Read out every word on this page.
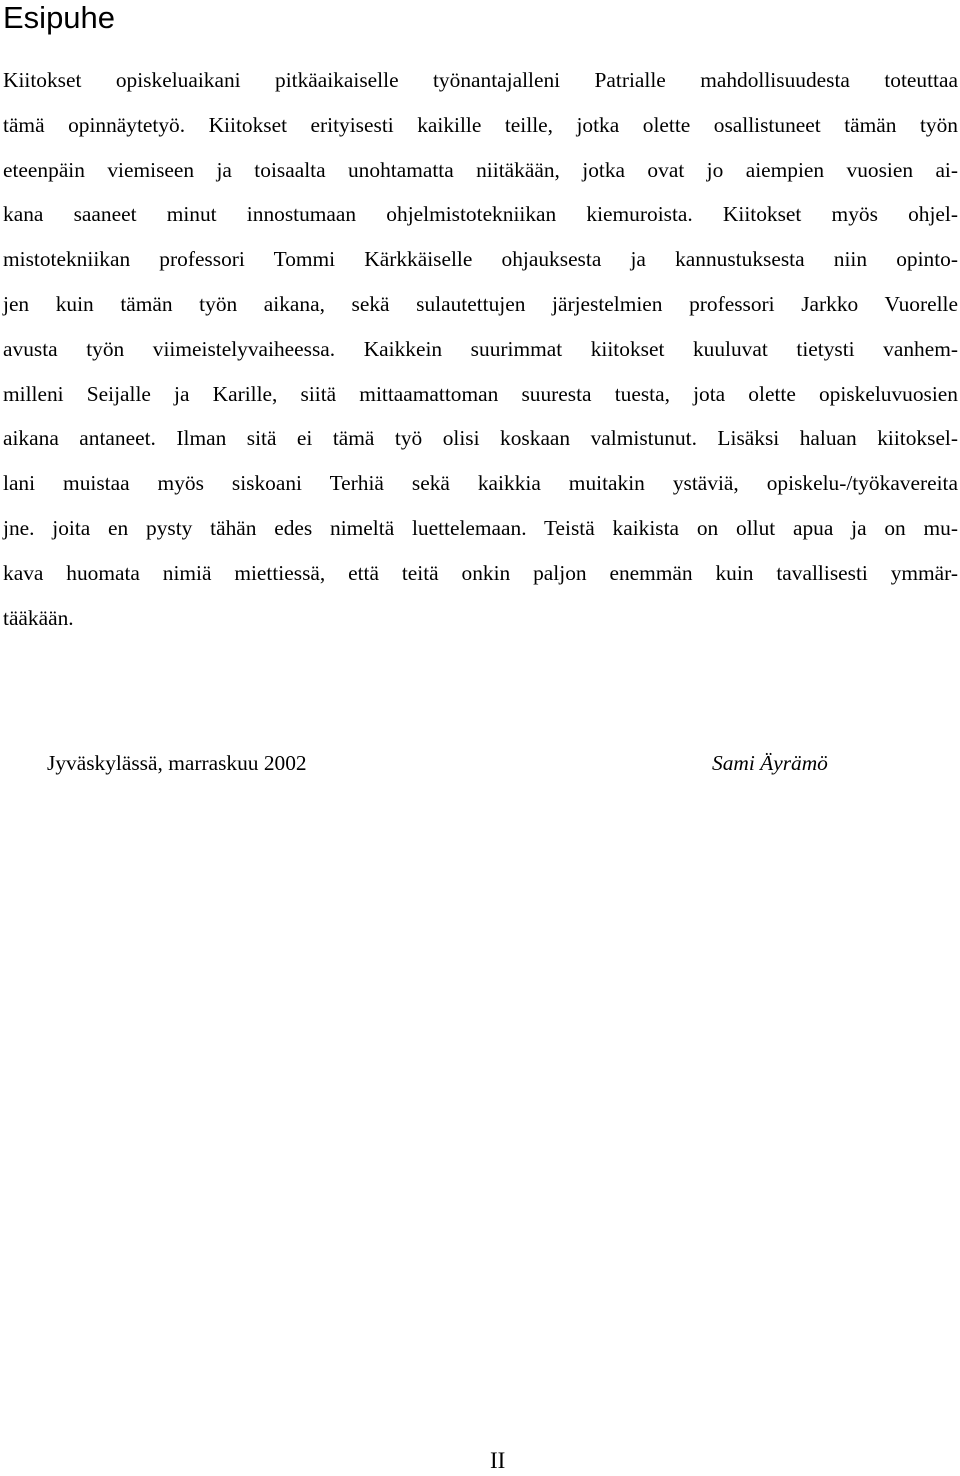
Esipuhe
Kiitokset opiskeluaikani pitkäaikaiselle työnantajalleni Patrialle mahdollisuudesta toteuttaa
tämä opinnäytetyö. Kiitokset erityisesti kaikille teille, jotka olette osallistuneet tämän työn
eteenpäin viemiseen ja toisaalta unohtamatta niitäkään, jotka ovat jo aiempien vuosien ai-
kana saaneet minut innostumaan ohjelmistotekniikan kiemuroista. Kiitokset myös ohjel-
mistotekniikan professori Tommi Kärkkäiselle ohjauksesta ja kannustuksesta niin opinto-
jen kuin tämän työn aikana, sekä sulautettujen järjestelmien professori Jarkko Vuorelle
avusta työn viimeistelyvaiheessa. Kaikkein suurimmat kiitokset kuuluvat tietysti vanhem-
milleni Seijalle ja Karille, siitä mittaamattoman suuresta tuesta, jota olette opiskeluvuosien
aikana antaneet. Ilman sitä ei tämä työ olisi koskaan valmistunut. Lisäksi haluan kiitoksel-
lani muistaa myös siskoani Terhiä sekä kaikkia muitakin ystäviä, opiskelu-/työkavereita
jne. joita en pysty tähän edes nimeltä luettelemaan. Teistä kaikista on ollut apua ja on mu-
kava huomata nimiä miettiessä, että teitä onkin paljon enemmän kuin tavallisesti ymmär-
tääkään.
Jyväskylässä, marraskuu 2002	Sami Äyrämö
II
